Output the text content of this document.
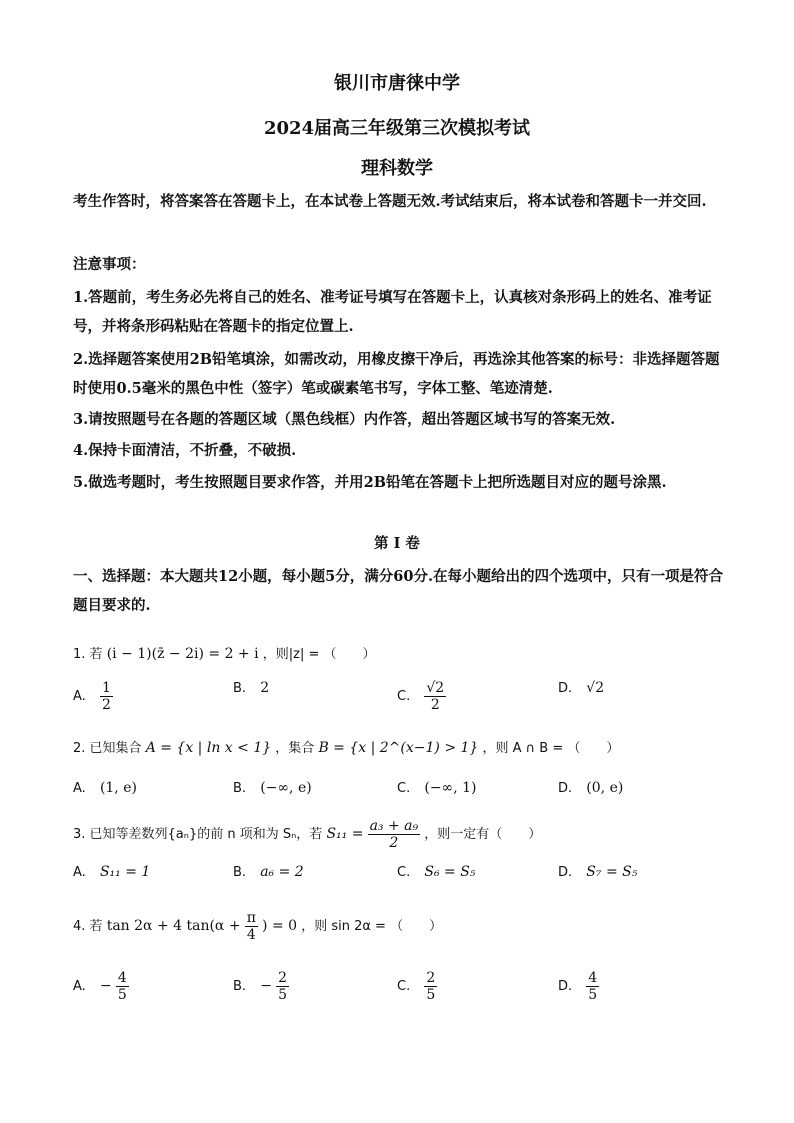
银川市唐徕中学
2024届高三年级第三次模拟考试
理科数学
考生作答时，将答案答在答题卡上，在本试卷上答题无效.考试结束后，将本试卷和答题卡一并交回.
注意事项：
1.答题前，考生务必先将自己的姓名、准考证号填写在答题卡上，认真核对条形码上的姓名、准考证号，并将条形码粘贴在答题卡的指定位置上.
2.选择题答案使用2B铅笔填涂，如需改动，用橡皮擦干净后，再选涂其他答案的标号：非选择题答题时使用0.5毫米的黑色中性（签字）笔或碳素笔书写，字体工整、笔迹清楚.
3.请按照题号在各题的答题区域（黑色线框）内作答，超出答题区域书写的答案无效.
4.保持卡面清洁，不折叠，不破损.
5.做选考题时，考生按照题目要求作答，并用2B铅笔在答题卡上把所选题目对应的题号涂黑.
第 I 卷
一、选择题：本大题共12小题，每小题5分，满分60分.在每小题给出的四个选项中，只有一项是符合题目要求的.
1. 若 (i − 1)(z̄ − 2i) = 2 + i ，则|z| = （　　）
A. $\frac{1}{2}$	B. 2
C. $\frac{√2}{2}$	D. √2
2. 已知集合 A = {x | ln x < 1} ，集合 B = {x | 2^(x−1) > 1} ，则 A ∩ B = （　　）
A. (1, e)	B. (−∞, e)	C. (−∞, 1)	D. (0, e)
3. 已知等差数列{aₙ}的前 n 项和为 Sₙ，若 $S_{11} = \frac{\text{a₃ + a₉}}{2}$ ，则一定有（　　）
A. S₁₁ = 1	B. a₆ = 2	C. S₆ = S₅	D. S₇ = S₅
4. 若 tan 2α + 4 $\tan(\alpha + \frac{\pi}{4}$ ) = 0 ，则 sin 2α = （　　）
A. − $\frac{4}{5}$	B. − $\frac{2}{5}$	C. $\frac{2}{5}$	D. $\frac{4}{5}$
